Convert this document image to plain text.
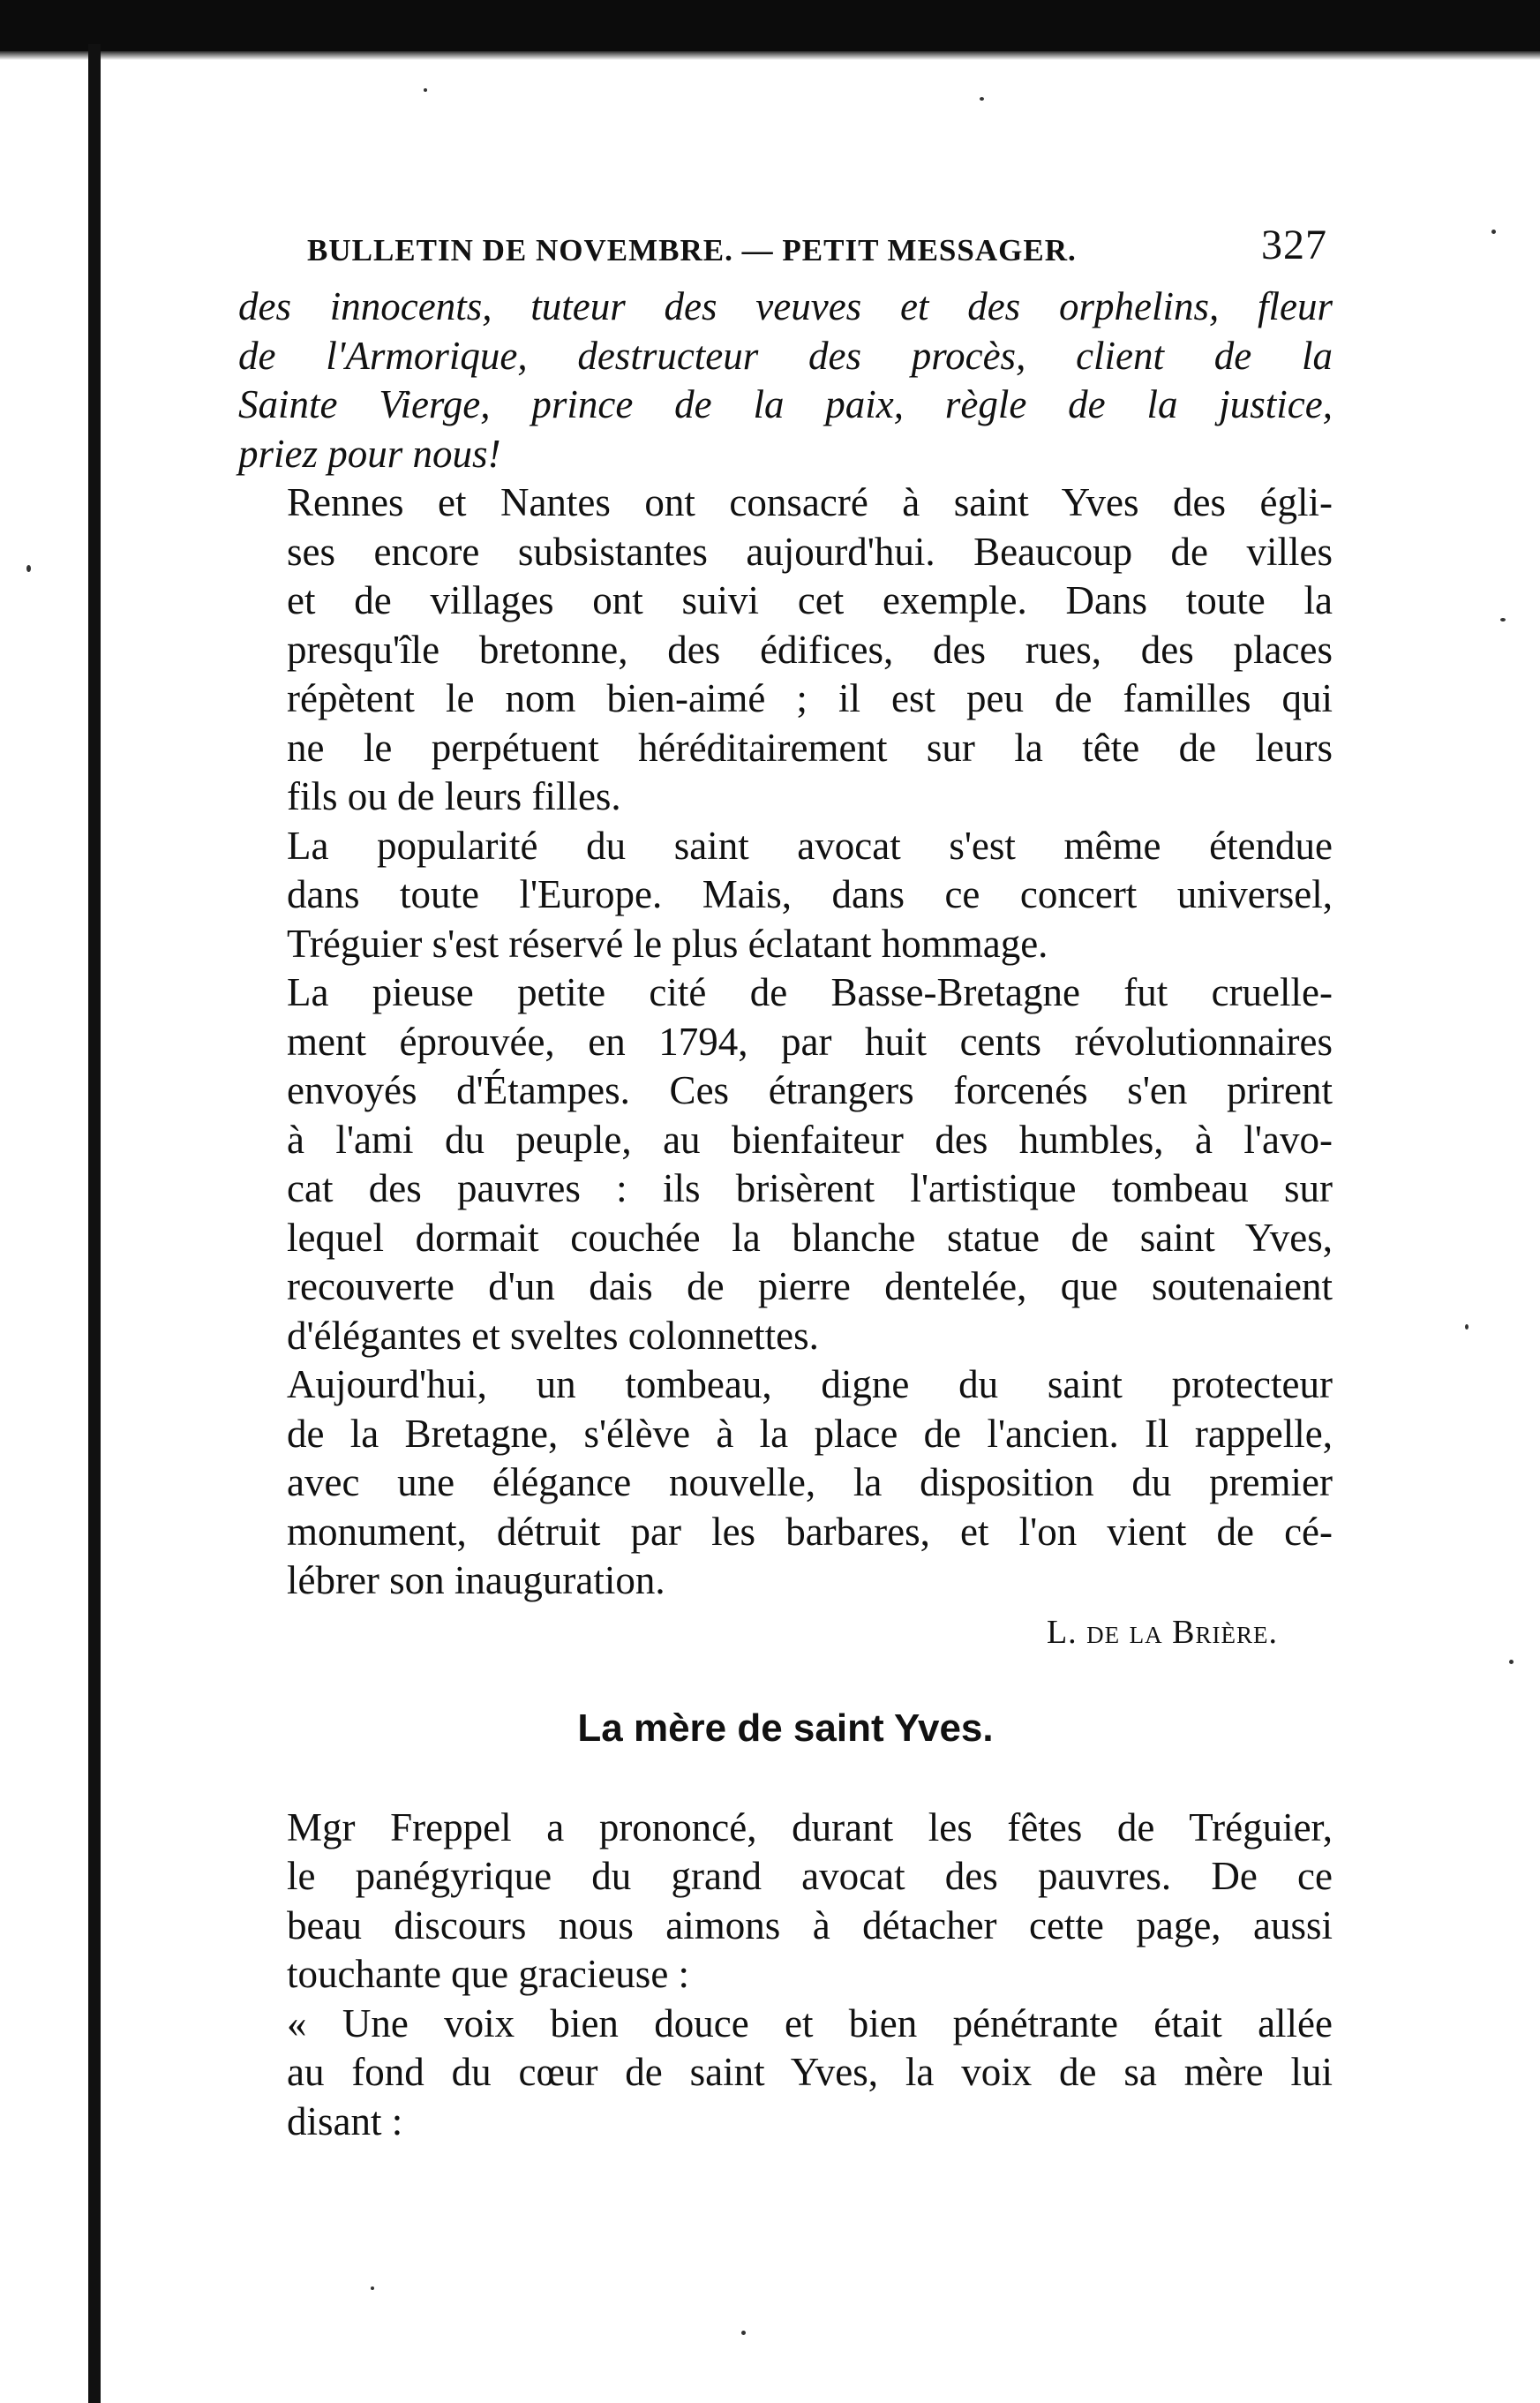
BULLETIN DE NOVEMBRE. — PETIT MESSAGER.	327

des innocents, tuteur des veuves et des orphelins, fleur
de l'Armorique, destructeur des procès, client de la
Sainte Vierge, prince de la paix, règle de la justice,
priez pour nous!

Rennes et Nantes ont consacré à saint Yves des égli-
ses encore subsistantes aujourd'hui. Beaucoup de villes
et de villages ont suivi cet exemple. Dans toute la
presqu'île bretonne, des édifices, des rues, des places
répètent le nom bien-aimé ; il est peu de familles qui
ne le perpétuent héréditairement sur la tête de leurs
fils ou de leurs filles.

La popularité du saint avocat s'est même étendue
dans toute l'Europe. Mais, dans ce concert universel,
Tréguier s'est réservé le plus éclatant hommage.

La pieuse petite cité de Basse-Bretagne fut cruelle-
ment éprouvée, en 1794, par huit cents révolutionnaires
envoyés d'Étampes. Ces étrangers forcenés s'en prirent
à l'ami du peuple, au bienfaiteur des humbles, à l'avo-
cat des pauvres : ils brisèrent l'artistique tombeau sur
lequel dormait couchée la blanche statue de saint Yves,
recouverte d'un dais de pierre dentelée, que soutenaient
d'élégantes et sveltes colonnettes.

Aujourd'hui, un tombeau, digne du saint protecteur
de la Bretagne, s'élève à la place de l'ancien. Il rappelle,
avec une élégance nouvelle, la disposition du premier
monument, détruit par les barbares, et l'on vient de cé-
lébrer son inauguration.

L. de la Brière.
La mère de saint Yves.

Mgr Freppel a prononcé, durant les fêtes de Tréguier,
le panégyrique du grand avocat des pauvres. De ce
beau discours nous aimons à détacher cette page, aussi
touchante que gracieuse :

« Une voix bien douce et bien pénétrante était allée
au fond du cœur de saint Yves, la voix de sa mère lui
disant :
